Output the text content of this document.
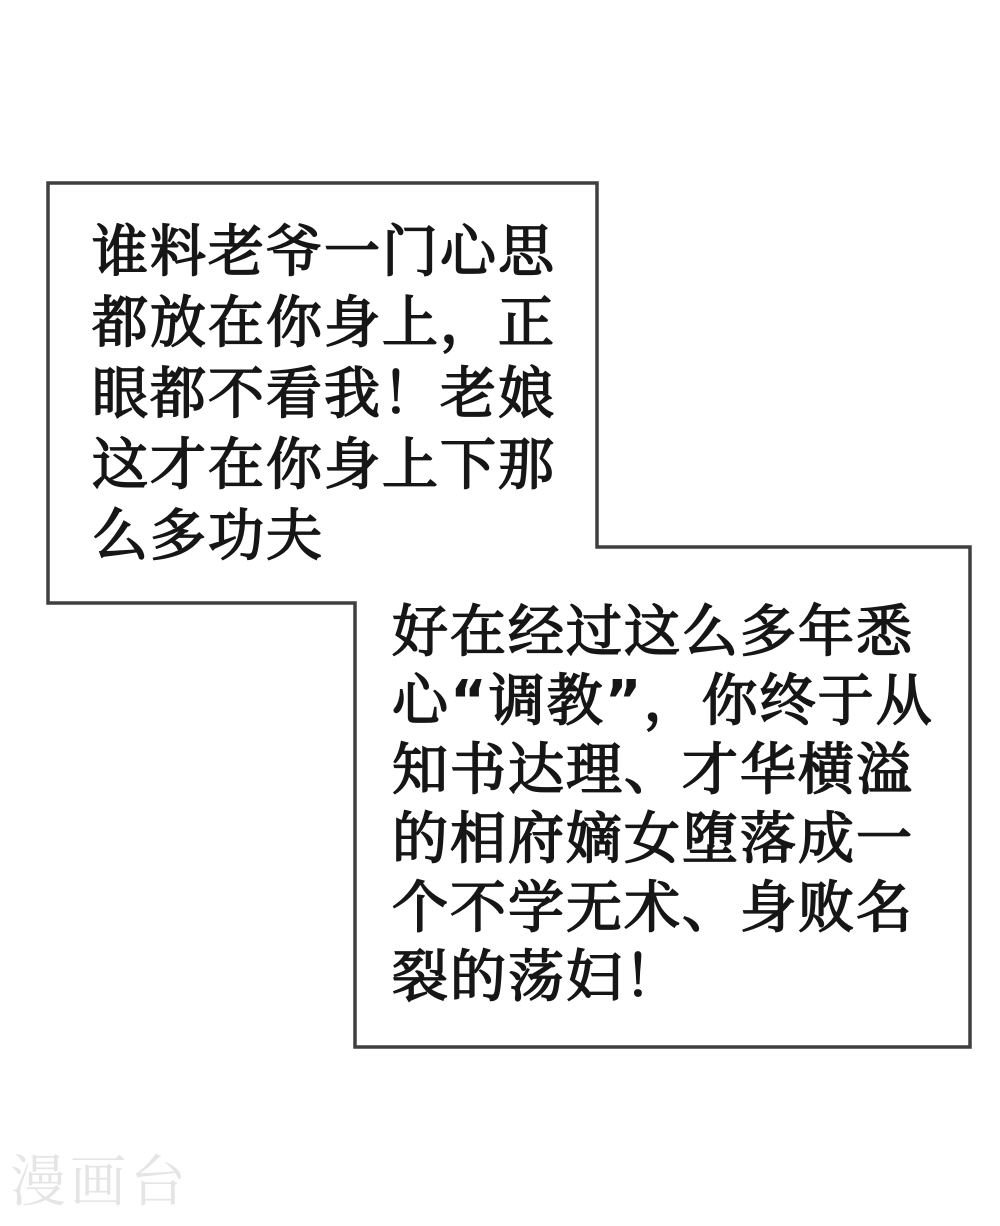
谁料老爷一门心思
都放在你身上，正
眼都不看我！老娘
这才在你身上下那
么多功夫
好在经过这么多年悉
心“调教”，你终于从
知书达理、才华横溢
的相府嫡女堕落成一
个不学无术、身败名
裂的荡妇！
漫画台
